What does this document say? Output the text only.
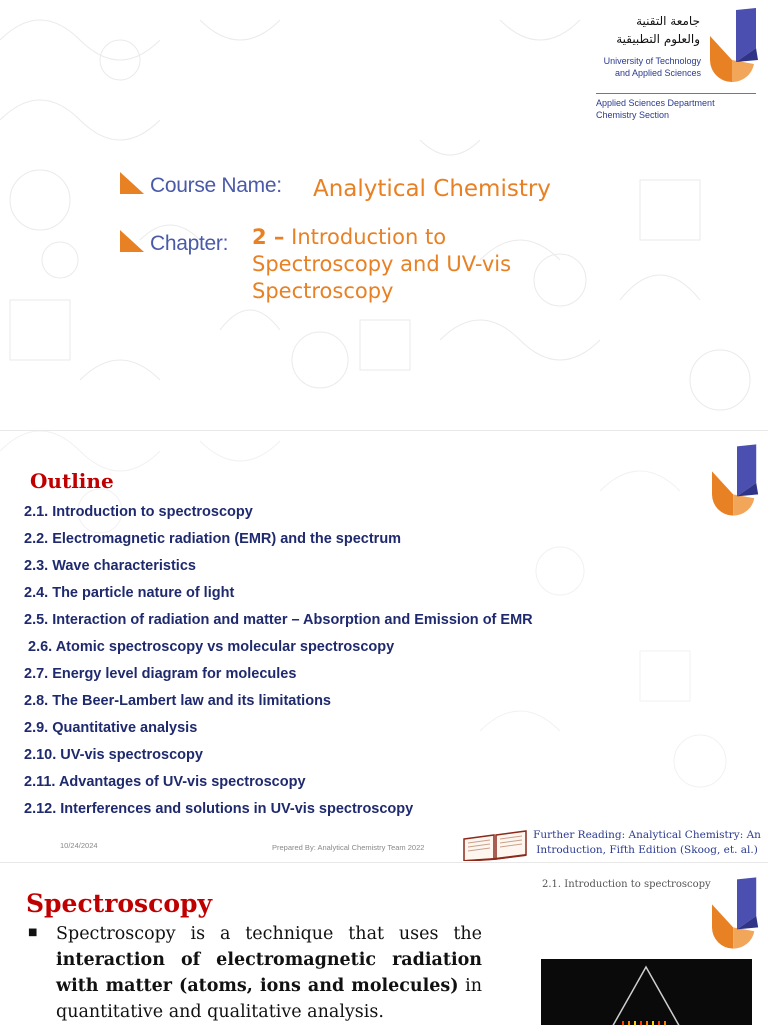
جامعة التقنية
والعلوم التطبيقية
University of Technology
and Applied Sciences
Applied Sciences Department
Chemistry Section
Course Name: Analytical Chemistry
Chapter: 2 – Introduction to
Spectroscopy and UV-vis
Spectroscopy
Outline
2.1. Introduction to spectroscopy
2.2. Electromagnetic radiation (EMR) and the spectrum
2.3. Wave characteristics
2.4. The particle nature of light
2.5. Interaction of radiation and matter – Absorption and Emission of EMR
2.6. Atomic spectroscopy vs molecular spectroscopy
2.7. Energy level diagram for molecules
2.8. The Beer-Lambert law and its limitations
2.9. Quantitative analysis
2.10. UV-vis spectroscopy
2.11. Advantages of UV-vis spectroscopy
2.12. Interferences and solutions in UV-vis spectroscopy
10/24/2024	Prepared By: Analytical Chemistry Team 2022
Further Reading: Analytical Chemistry: An
Introduction, Fifth Edition (Skoog, et. al.)
2.1. Introduction to spectroscopy
Spectroscopy
■ Spectroscopy is a technique that uses the interaction of electromagnetic radiation with matter (atoms, ions and molecules) in quantitative and qualitative analysis.
